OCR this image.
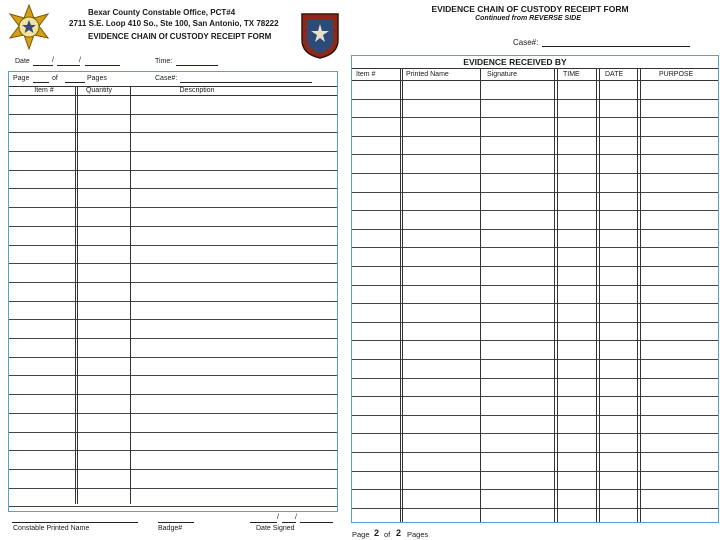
Bexar County Constable Office, PCT#4
2711 S.E. Loop 410 So., Ste 100, San Antonio, TX 78222
EVIDENCE CHAIN Of CUSTODY RECEIPT FORM
Date	/	/	Time:
Page	of	Pages	Case#:
Item #	Quantity	Description
Constable Printed Name	Badge#
/ /
Date Signed
EVIDENCE CHAIN OF CUSTODY RECEIPT FORM
Continued from REVERSE SIDE
Case#:
EVIDENCE RECEIVED BY
Item #	Printed Name	Signature	TIME	DATE	PURPOSE
Page 2 of 2 Pages
